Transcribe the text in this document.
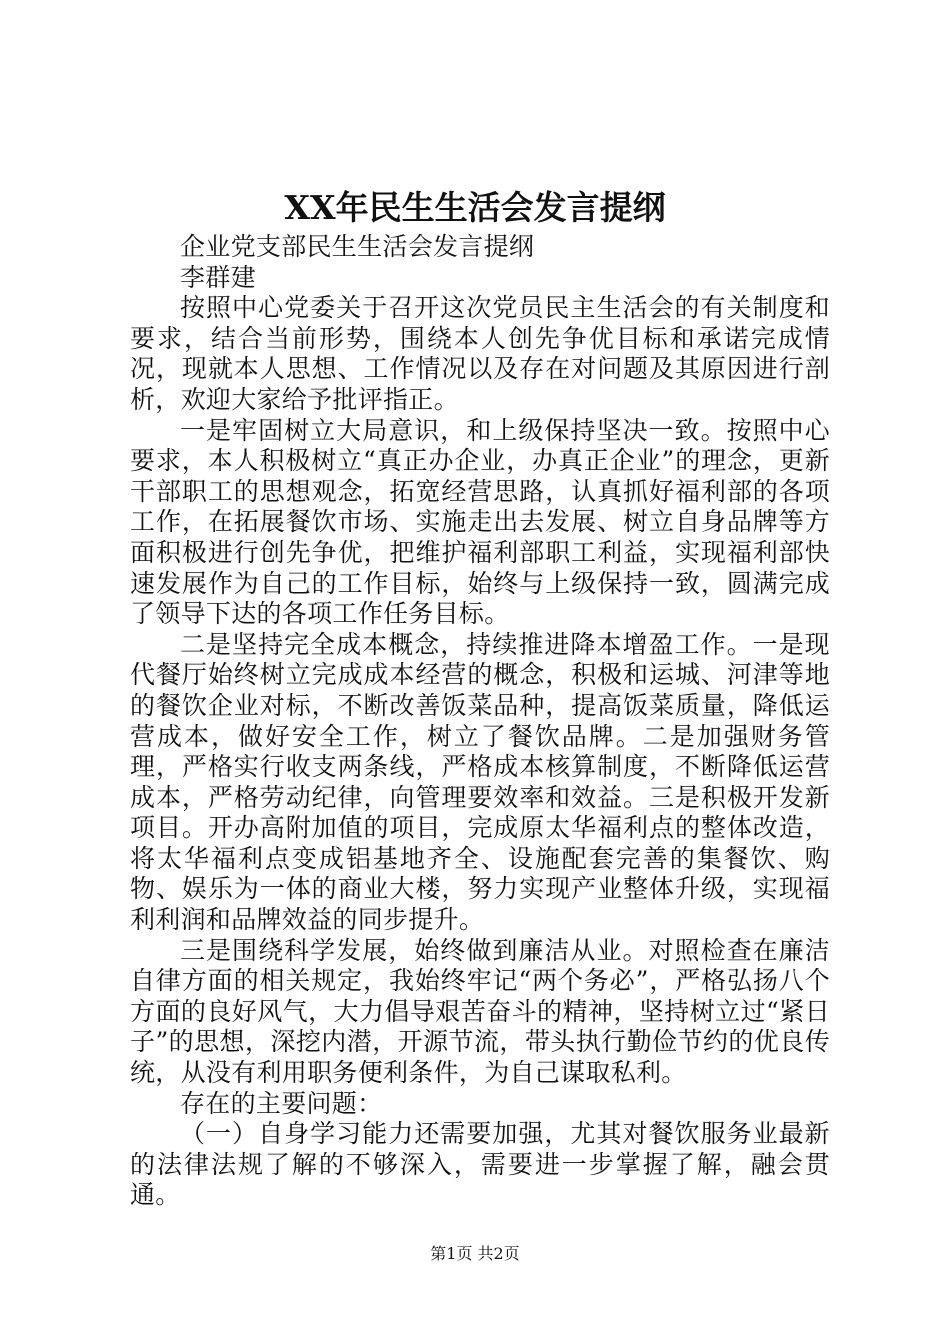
XX年民生生活会发言提纲

企业党支部民生生活会发言提纲

李群建

按照中心党委关于召开这次党员民主生活会的有关制度和要求，结合当前形势，围绕本人创先争优目标和承诺完成情况，现就本人思想、工作情况以及存在对问题及其原因进行剖析，欢迎大家给予批评指正。

一是牢固树立大局意识，和上级保持坚决一致。按照中心要求，本人积极树立“真正办企业，办真正企业”的理念，更新干部职工的思想观念，拓宽经营思路，认真抓好福利部的各项工作，在拓展餐饮市场、实施走出去发展、树立自身品牌等方面积极进行创先争优，把维护福利部职工利益，实现福利部快速发展作为自己的工作目标，始终与上级保持一致，圆满完成了领导下达的各项工作任务目标。

二是坚持完全成本概念，持续推进降本增盈工作。一是现代餐厅始终树立完成成本经营的概念，积极和运城、河津等地的餐饮企业对标，不断改善饭菜品种，提高饭菜质量，降低运营成本，做好安全工作，树立了餐饮品牌。二是加强财务管理，严格实行收支两条线，严格成本核算制度，不断降低运营成本，严格劳动纪律，向管理要效率和效益。三是积极开发新项目。开办高附加值的项目，完成原太华福利点的整体改造，将太华福利点变成铝基地齐全、设施配套完善的集餐饮、购物、娱乐为一体的商业大楼，努力实现产业整体升级，实现福利利润和品牌效益的同步提升。

三是围绕科学发展，始终做到廉洁从业。对照检查在廉洁自律方面的相关规定，我始终牢记“两个务必”，严格弘扬八个方面的良好风气，大力倡导艰苦奋斗的精神，坚持树立过“紧日子”的思想，深挖内潜，开源节流，带头执行勤俭节约的优良传统，从没有利用职务便利条件，为自己谋取私利。

存在的主要问题：

（一）自身学习能力还需要加强，尤其对餐饮服务业最新的法律法规了解的不够深入，需要进一步掌握了解，融会贯通。

第1页 共2页
